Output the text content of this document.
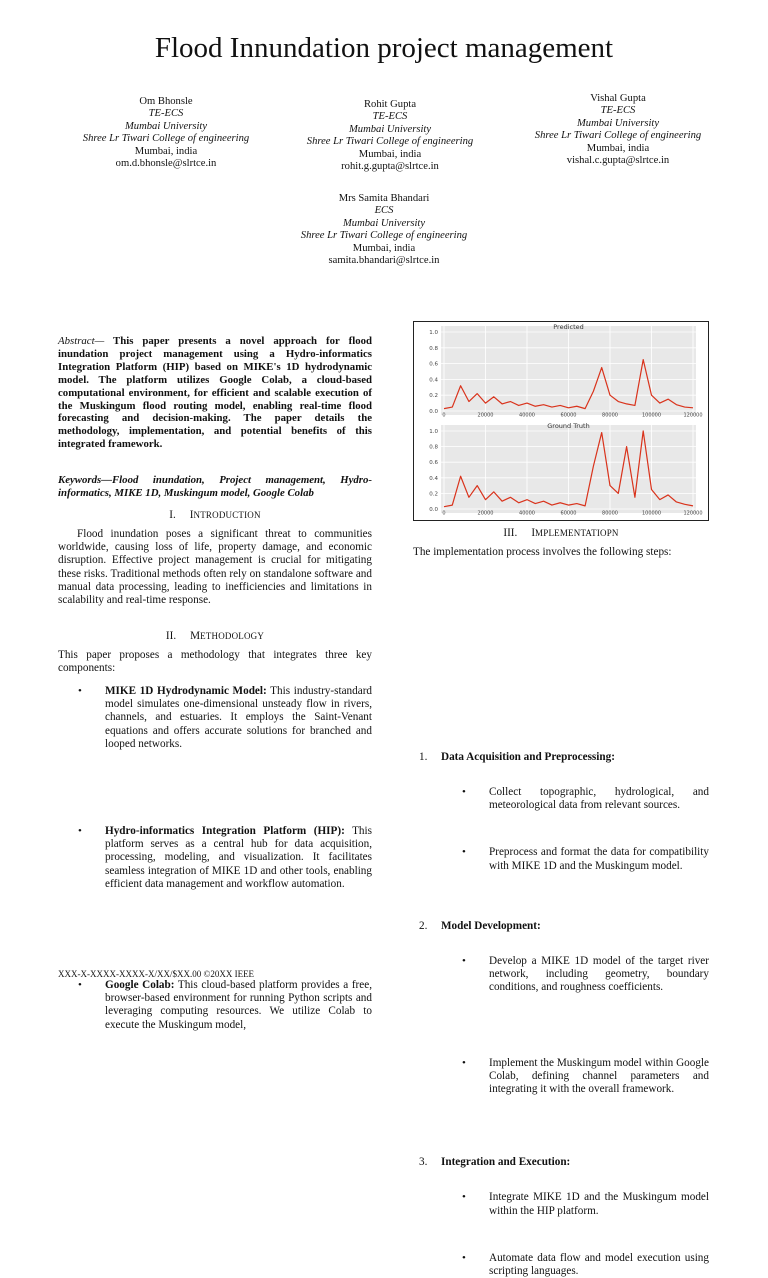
Flood Innundation project management
Om Bhonsle
TE-ECS
Mumbai University
Shree Lr Tiwari College of engineering
Mumbai, india
om.d.bhonsle@slrtce.in
Rohit Gupta
TE-ECS
Mumbai University
Shree Lr Tiwari College of engineering
Mumbai, india
rohit.g.gupta@slrtce.in
Vishal Gupta
TE-ECS
Mumbai University
Shree Lr Tiwari College of engineering
Mumbai, india
vishal.c.gupta@slrtce.in
Mrs Samita Bhandari
ECS
Mumbai University
Shree Lr Tiwari College of engineering
Mumbai, india
samita.bhandari@slrtce.in
Abstract— This paper presents a novel approach for flood inundation project management using a Hydro-informatics Integration Platform (HIP) based on MIKE's 1D hydrodynamic model. The platform utilizes Google Colab, a cloud-based computational environment, for efficient and scalable execution of the Muskingum flood routing model, enabling real-time flood forecasting and decision-making. The paper details the methodology, implementation, and potential benefits of this integrated framework.
Keywords—Flood inundation, Project management, Hydro-informatics, MIKE 1D, Muskingum model, Google Colab
I. INTRODUCTION
Flood inundation poses a significant threat to communities worldwide, causing loss of life, property damage, and economic disruption. Effective project management is crucial for mitigating these risks. Traditional methods often rely on standalone software and manual data processing, leading to inefficiencies and limitations in scalability and real-time response.
II. METHODOLOGY
This paper proposes a methodology that integrates three key components:
• MIKE 1D Hydrodynamic Model: This industry-standard model simulates one-dimensional unsteady flow in rivers, channels, and estuaries. It employs the Saint-Venant equations and offers accurate solutions for branched and looped networks.
• Hydro-informatics Integration Platform (HIP): This platform serves as a central hub for data acquisition, processing, modeling, and visualization. It facilitates seamless integration of MIKE 1D and other tools, enabling efficient data management and workflow automation.
• Google Colab: This cloud-based platform provides a free, browser-based environment for running Python scripts and leveraging computing resources. We utilize Colab to execute the Muskingum model,
0.0
0.2
0.4
0.6
0.8
1.0
0	20000	40000	60000	80000	100000	120000
Predicted
0.0
0.2
0.4
0.6
0.8
1.0
0	20000	40000	60000	80000	100000	120000
Ground Truth
III. IMPLEMENTATIOPN
The implementation process involves the following steps:
1. Data Acquisition and Preprocessing:
• Collect topographic, hydrological, and meteorological data from relevant sources.
• Preprocess and format the data for compatibility with MIKE 1D and the Muskingum model.
2. Model Development:
• Develop a MIKE 1D model of the target river network, including geometry, boundary conditions, and roughness coefficients.
• Implement the Muskingum model within Google Colab, defining channel parameters and integrating it with the overall framework.
3. Integration and Execution:
• Integrate MIKE 1D and the Muskingum model within the HIP platform.
• Automate data flow and model execution using scripting languages.
XXX-X-XXXX-XXXX-X/XX/$XX.00 ©20XX IEEE
